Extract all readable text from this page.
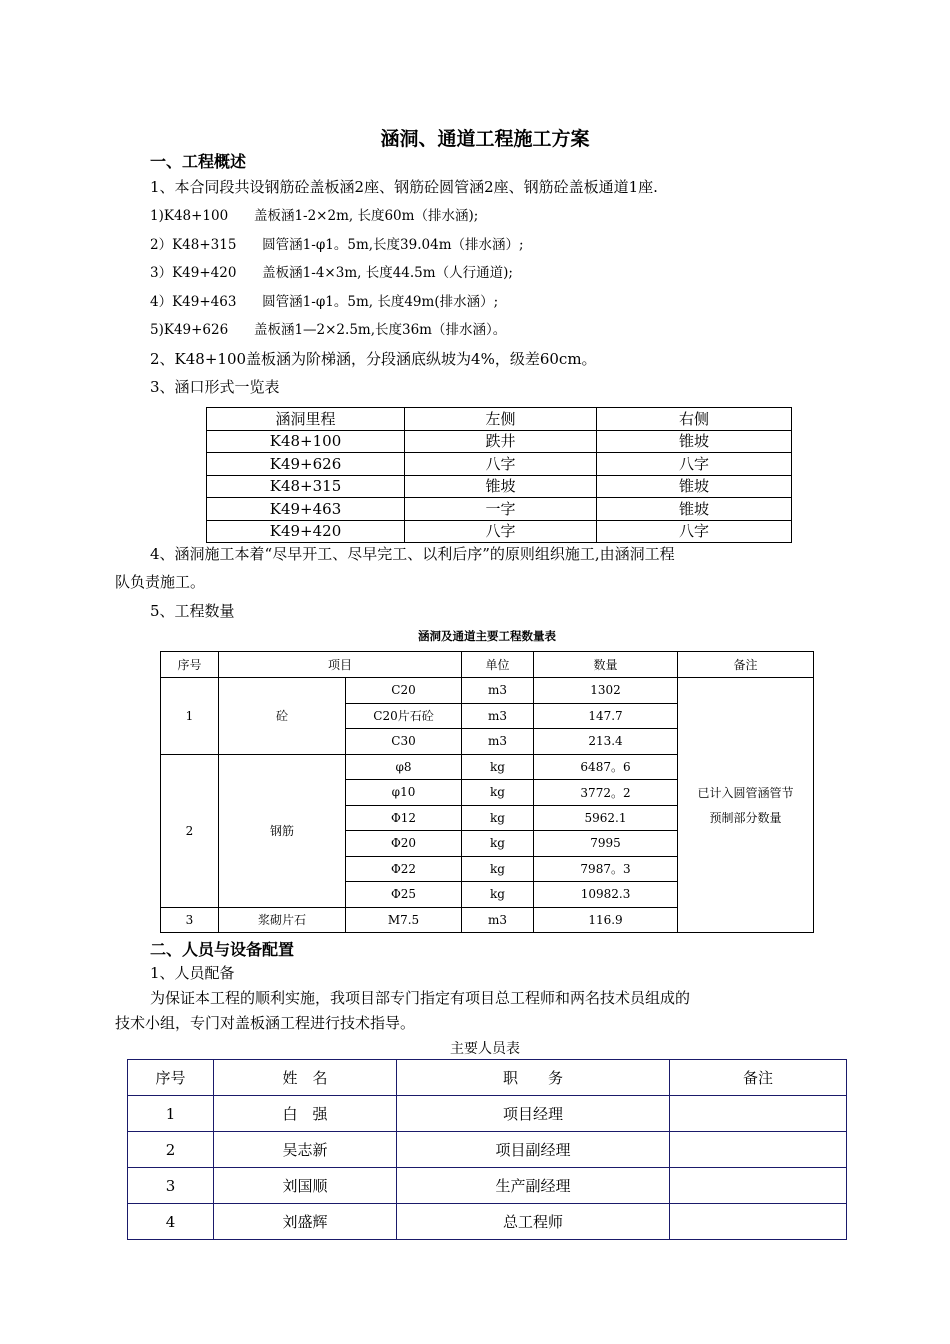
涵洞、通道工程施工方案
一、工程概述
1、本合同段共设钢筋砼盖板涵2座、钢筋砼圆管涵2座、钢筋砼盖板通道1座.
1)K48+100      盖板涵1-2×2m, 长度60m（排水涵);
2）K48+315      圆管涵1-φ1。5m,长度39.04m（排水涵）;
3）K49+420      盖板涵1-4×3m, 长度44.5m（人行通道);
4）K49+463      圆管涵1-φ1。5m, 长度49m(排水涵）;
5)K49+626      盖板涵1—2×2.5m,长度36m（排水涵）。
2、K48+100盖板涵为阶梯涵，分段涵底纵坡为4%，级差60cm。
3、涵口形式一览表
涵洞里程	左侧	右侧
K48+100	跌井	锥坡
K49+626	八字	八字
K48+315	锥坡	锥坡
K49+463	一字	锥坡
K49+420	八字	八字
4、涵洞施工本着“尽早开工、尽早完工、以利后序”的原则组织施工,由涵洞工程
队负责施工。
5、工程数量
涵洞及通道主要工程数量表
序号	项目		单位	数量	备注
1	砼	C20	m3	1302	已计入圆管涵管节
预制部分数量

		C20片石砼	m3	147.7	
		C30	m3	213.4	
2	钢筋	φ8	kg	6487。6	
		φ10	kg	3772。2	
		Φ12	kg	5962.1	
		Φ20	kg	7995	
		Φ22	kg	7987。3	
		Φ25	kg	10982.3	
3	浆砌片石	M7.5	m3	116.9	
二、人员与设备配置
1、人员配备
为保证本工程的顺利实施，我项目部专门指定有项目总工程师和两名技术员组成的
技术小组，专门对盖板涵工程进行技术指导。
主要人员表
序号	姓　名	职　　务	备注
1	白　强	项目经理	
2	吴志新	项目副经理	
3	刘国顺	生产副经理	
4	刘盛辉	总工程师	
